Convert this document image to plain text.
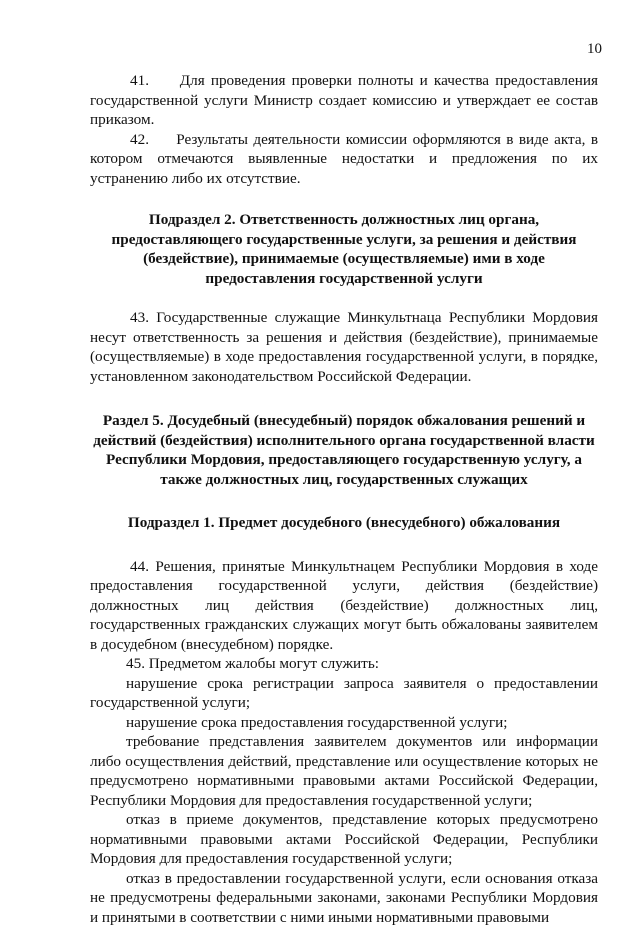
10

41.     Для проведения проверки полноты и качества предоставления государственной услуги Министр создает комиссию и утверждает ее состав приказом.

42.     Результаты деятельности комиссии оформляются в виде акта, в котором отмечаются выявленные недостатки и предложения по их устранению либо их отсутствие.

Подраздел 2. Ответственность должностных лиц органа, предоставляющего государственные услуги, за решения и действия (бездействие), принимаемые (осуществляемые) ими в ходе предоставления государственной услуги

43. Государственные служащие Минкультнаца Республики Мордовия несут ответственность за решения и действия (бездействие), принимаемые (осуществляемые) в ходе предоставления государственной услуги, в порядке, установленном законодательством Российской Федерации.

Раздел 5. Досудебный (внесудебный) порядок обжалования решений и действий (бездействия) исполнительного органа государственной власти Республики Мордовия, предоставляющего государственную услугу, а также должностных лиц, государственных служащих

Подраздел 1. Предмет досудебного (внесудебного) обжалования

44. Решения, принятые Минкультнацем Республики Мордовия в ходе предоставления государственной услуги, действия (бездействие) должностных лиц действия (бездействие) должностных лиц, государственных гражданских служащих могут быть обжалованы заявителем в досудебном (внесудебном) порядке.

45. Предметом жалобы могут служить:

нарушение срока регистрации запроса заявителя о предоставлении государственной услуги;

нарушение срока предоставления государственной услуги;

требование представления заявителем документов или информации либо осуществления действий, представление или осуществление которых не предусмотрено нормативными правовыми актами Российской Федерации, Республики Мордовия для предоставления государственной услуги;

отказ в приеме документов, представление которых предусмотрено нормативными правовыми актами Российской Федерации, Республики Мордовия для предоставления государственной услуги;

отказ в предоставлении государственной услуги, если основания отказа не предусмотрены федеральными законами, законами Республики Мордовия и принятыми в соответствии с ними иными нормативными правовыми
